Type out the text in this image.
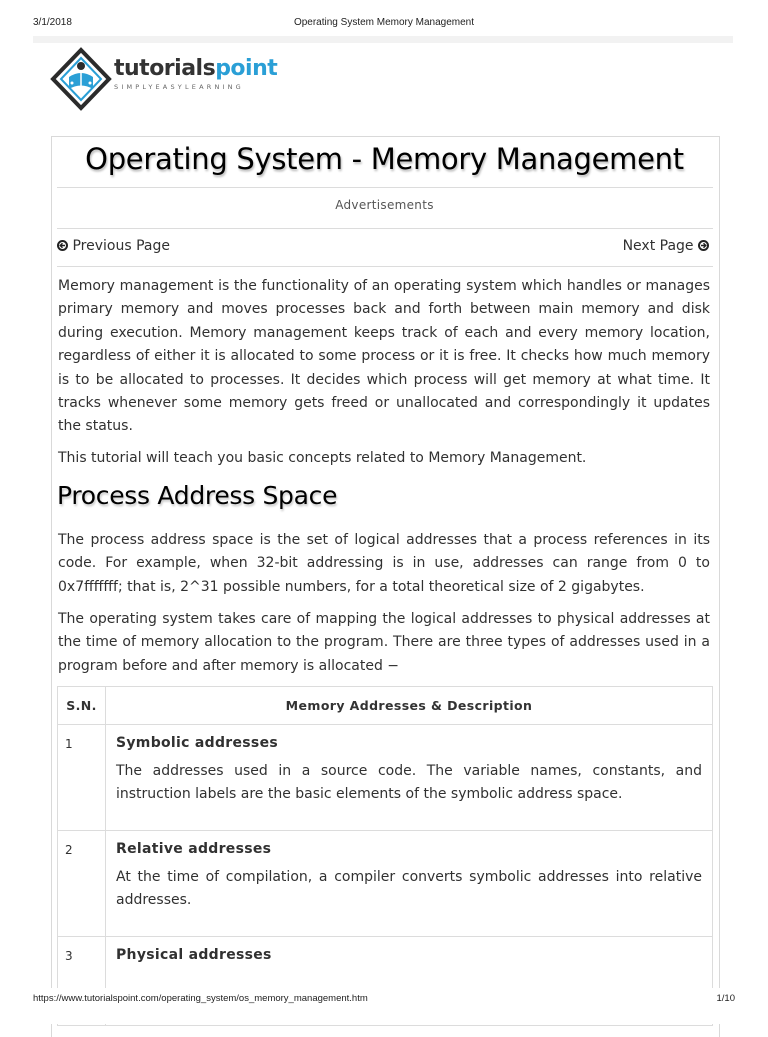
3/1/2018	Operating System Memory Management
tutorialspoint
SIMPLYEASYLEARNING
Operating System - Memory Management
Advertisements
Previous Page	Next Page

Memory management is the functionality of an operating system which handles or manages primary memory and moves processes back and forth between main memory and disk during execution. Memory management keeps track of each and every memory location, regardless of either it is allocated to some process or it is free. It checks how much memory is to be allocated to processes. It decides which process will get memory at what time. It tracks whenever some memory gets freed or unallocated and correspondingly it updates the status.

This tutorial will teach you basic concepts related to Memory Management.

Process Address Space

The process address space is the set of logical addresses that a process references in its code. For example, when 32-bit addressing is in use, addresses can range from 0 to 0x7fffffff; that is, 2^31 possible numbers, for a total theoretical size of 2 gigabytes.

The operating system takes care of mapping the logical addresses to physical addresses at the time of memory allocation to the program. There are three types of addresses used in a program before and after memory is allocated −

S.N.	Memory Addresses & Description
1	Symbolic addresses
The addresses used in a source code. The variable names, constants, and instruction labels are the basic elements of the symbolic address space.

2	Relative addresses
At the time of compilation, a compiler converts symbolic addresses into relative addresses.

3	Physical addresses
https://www.tutorialspoint.com/operating_system/os_memory_management.htm	1/10
